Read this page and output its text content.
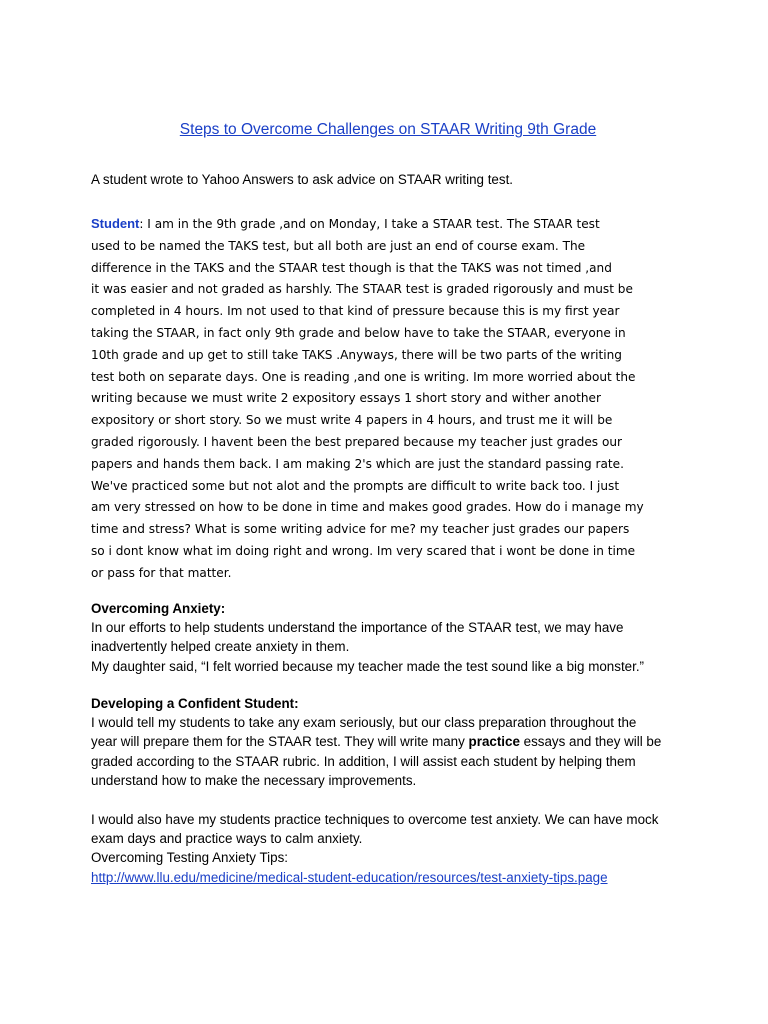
Steps to Overcome Challenges on STAAR Writing 9th Grade

A student wrote to Yahoo Answers to ask advice on STAAR writing test.

Student: I am in the 9th grade ,and on Monday, I take a STAAR test. The STAAR test
used to be named the TAKS test, but all both are just an end of course exam. The
difference in the TAKS and the STAAR test though is that the TAKS was not timed ,and
it was easier and not graded as harshly. The STAAR test is graded rigorously and must be
completed in 4 hours. Im not used to that kind of pressure because this is my first year
taking the STAAR, in fact only 9th grade and below have to take the STAAR, everyone in
10th grade and up get to still take TAKS .Anyways, there will be two parts of the writing
test both on separate days. One is reading ,and one is writing. Im more worried about the
writing because we must write 2 expository essays 1 short story and wither another
expository or short story. So we must write 4 papers in 4 hours, and trust me it will be
graded rigorously. I havent been the best prepared because my teacher just grades our
papers and hands them back. I am making 2's which are just the standard passing rate.
We've practiced some but not alot and the prompts are difficult to write back too. I just
am very stressed on how to be done in time and makes good grades. How do i manage my
time and stress? What is some writing advice for me? my teacher just grades our papers
so i dont know what im doing right and wrong. Im very scared that i wont be done in time
or pass for that matter.
Overcoming Anxiety:
In our efforts to help students understand the importance of the STAAR test, we may have
inadvertently helped create anxiety in them.
My daughter said, “I felt worried because my teacher made the test sound like a big monster.”
Developing a Confident Student:
I would tell my students to take any exam seriously, but our class preparation throughout the
year will prepare them for the STAAR test. They will write many practice essays and they will be
graded according to the STAAR rubric. In addition, I will assist each student by helping them
understand how to make the necessary improvements.
I would also have my students practice techniques to overcome test anxiety. We can have mock
exam days and practice ways to calm anxiety.
Overcoming Testing Anxiety Tips:
http://www.llu.edu/medicine/medical-student-education/resources/test-anxiety-tips.page
